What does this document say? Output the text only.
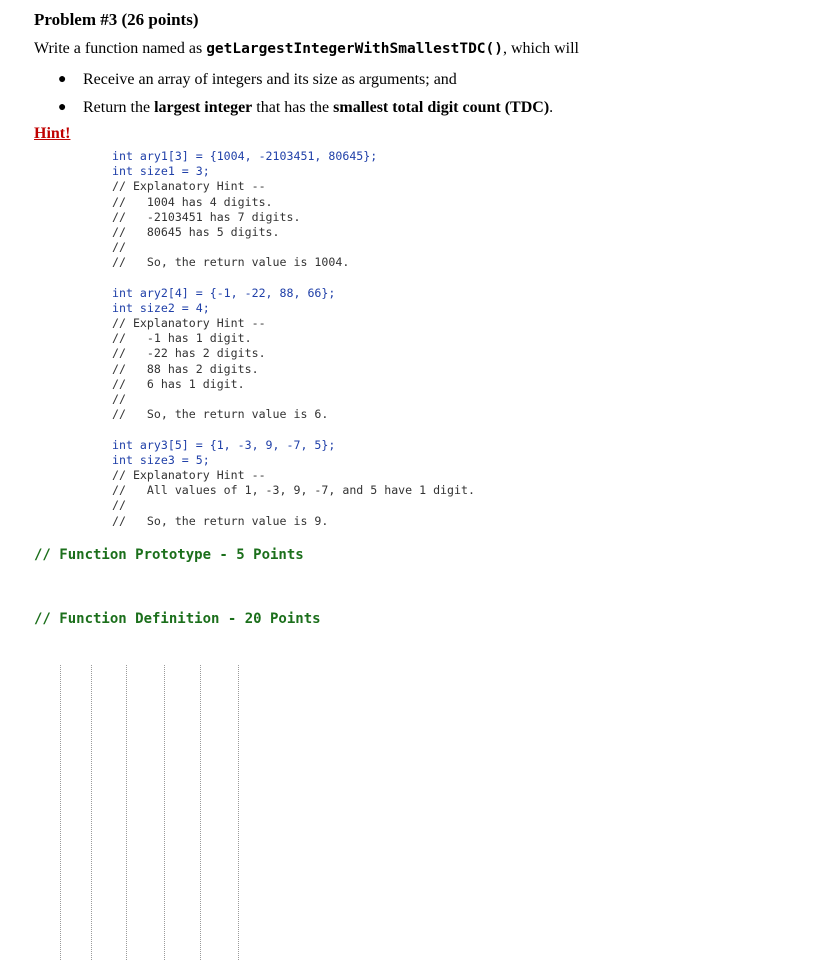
Problem #3 (26 points)
Write a function named as getLargestIntegerWithSmallestTDC(), which will
● Receive an array of integers and its size as arguments; and
● Return the largest integer that has the smallest total digit count (TDC).
Hint!
int ary1[3] = {1004, -2103451, 80645};
int size1 = 3;
// Explanatory Hint --
//   1004 has 4 digits.
//   -2103451 has 7 digits.
//   80645 has 5 digits.
//
//   So, the return value is 1004.
int ary2[4] = {-1, -22, 88, 66};
int size2 = 4;
// Explanatory Hint --
//   -1 has 1 digit.
//   -22 has 2 digits.
//   88 has 2 digits.
//   6 has 1 digit.
//
//   So, the return value is 6.
int ary3[5] = {1, -3, 9, -7, 5};
int size3 = 5;
// Explanatory Hint --
//   All values of 1, -3, 9, -7, and 5 have 1 digit.
//
//   So, the return value is 9.
// Function Prototype - 5 Points
// Function Definition - 20 Points
